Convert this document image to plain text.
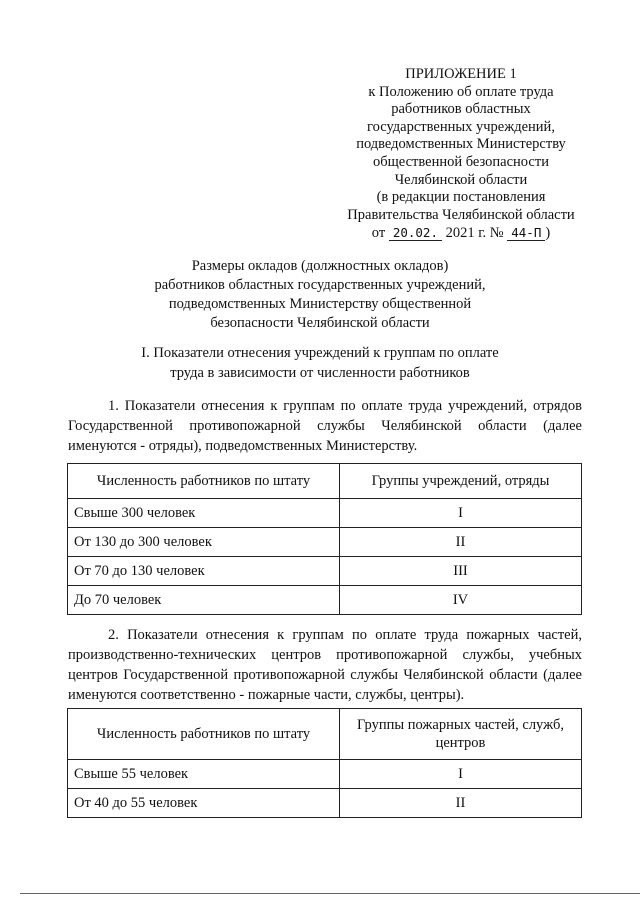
ПРИЛОЖЕНИЕ 1
к Положению об оплате труда
работников областных
государственных учреждений,
подведомственных Министерству
общественной безопасности
Челябинской области
(в редакции постановления
Правительства Челябинской области
от 20.02. 2021 г. № 44-П )
Размеры окладов (должностных окладов)
работников областных государственных учреждений,
подведомственных Министерству общественной
безопасности Челябинской области
I. Показатели отнесения учреждений к группам по оплате
труда в зависимости от численности работников
1. Показатели отнесения к группам по оплате труда учреждений, отрядов Государственной противопожарной службы Челябинской области (далее именуются - отряды), подведомственных Министерству.
Численность работников по штату	Группы учреждений, отряды
Свыше 300 человек	I
От 130 до 300 человек	II
От 70 до 130 человек	III
До 70 человек	IV
2. Показатели отнесения к группам по оплате труда пожарных частей, производственно-технических центров противопожарной службы, учебных центров Государственной противопожарной службы Челябинской области (далее именуются соответственно - пожарные части, службы, центры).
Численность работников по штату	Группы пожарных частей, служб, центров
Свыше 55 человек	I
От 40 до 55 человек	II
